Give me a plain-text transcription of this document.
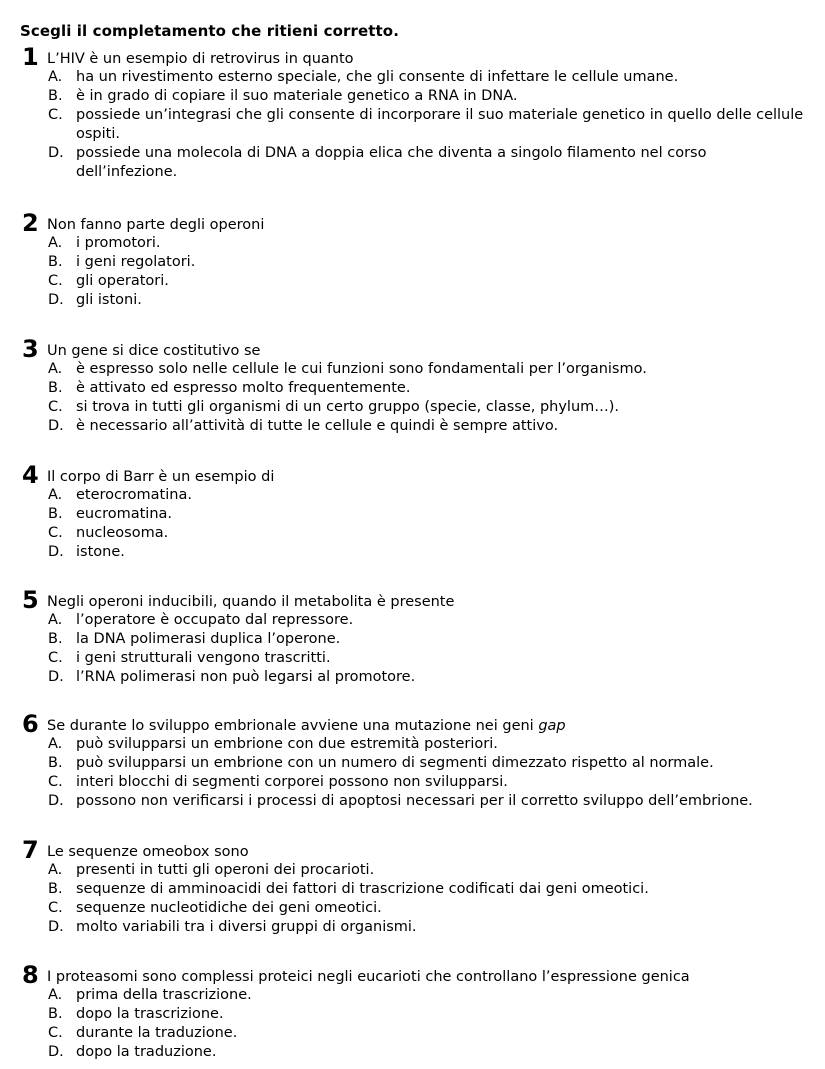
Scegli il completamento che ritieni corretto.
1 L’HIV è un esempio di retrovirus in quanto
A. ha un rivestimento esterno speciale, che gli consente di infettare le cellule umane.
B. è in grado di copiare il suo materiale genetico a RNA in DNA.
C. possiede un’integrasi che gli consente di incorporare il suo materiale genetico in quello delle cellule ospiti.
D. possiede una molecola di DNA a doppia elica che diventa a singolo filamento nel corso dell’infezione.
2 Non fanno parte degli operoni
A. i promotori.
B. i geni regolatori.
C. gli operatori.
D. gli istoni.
3 Un gene si dice costitutivo se
A. è espresso solo nelle cellule le cui funzioni sono fondamentali per l’organismo.
B. è attivato ed espresso molto frequentemente.
C. si trova in tutti gli organismi di un certo gruppo (specie, classe, phylum…).
D. è necessario all’attività di tutte le cellule e quindi è sempre attivo.
4 Il corpo di Barr è un esempio di
A. eterocromatina.
B. eucromatina.
C. nucleosoma.
D. istone.
5 Negli operoni inducibili, quando il metabolita è presente
A. l’operatore è occupato dal repressore.
B. la DNA polimerasi duplica l’operone.
C. i geni strutturali vengono trascritti.
D. l’RNA polimerasi non può legarsi al promotore.
6 Se durante lo sviluppo embrionale avviene una mutazione nei geni gap
A. può svilupparsi un embrione con due estremità posteriori.
B. può svilupparsi un embrione con un numero di segmenti dimezzato rispetto al normale.
C. interi blocchi di segmenti corporei possono non svilupparsi.
D. possono non verificarsi i processi di apoptosi necessari per il corretto sviluppo dell’embrione.
7 Le sequenze omeobox sono
A. presenti in tutti gli operoni dei procarioti.
B. sequenze di amminoacidi dei fattori di trascrizione codificati dai geni omeotici.
C. sequenze nucleotidiche dei geni omeotici.
D. molto variabili tra i diversi gruppi di organismi.
8 I proteasomi sono complessi proteici negli eucarioti che controllano l’espressione genica
A. prima della trascrizione.
B. dopo la trascrizione.
C. durante la traduzione.
D. dopo la traduzione.
